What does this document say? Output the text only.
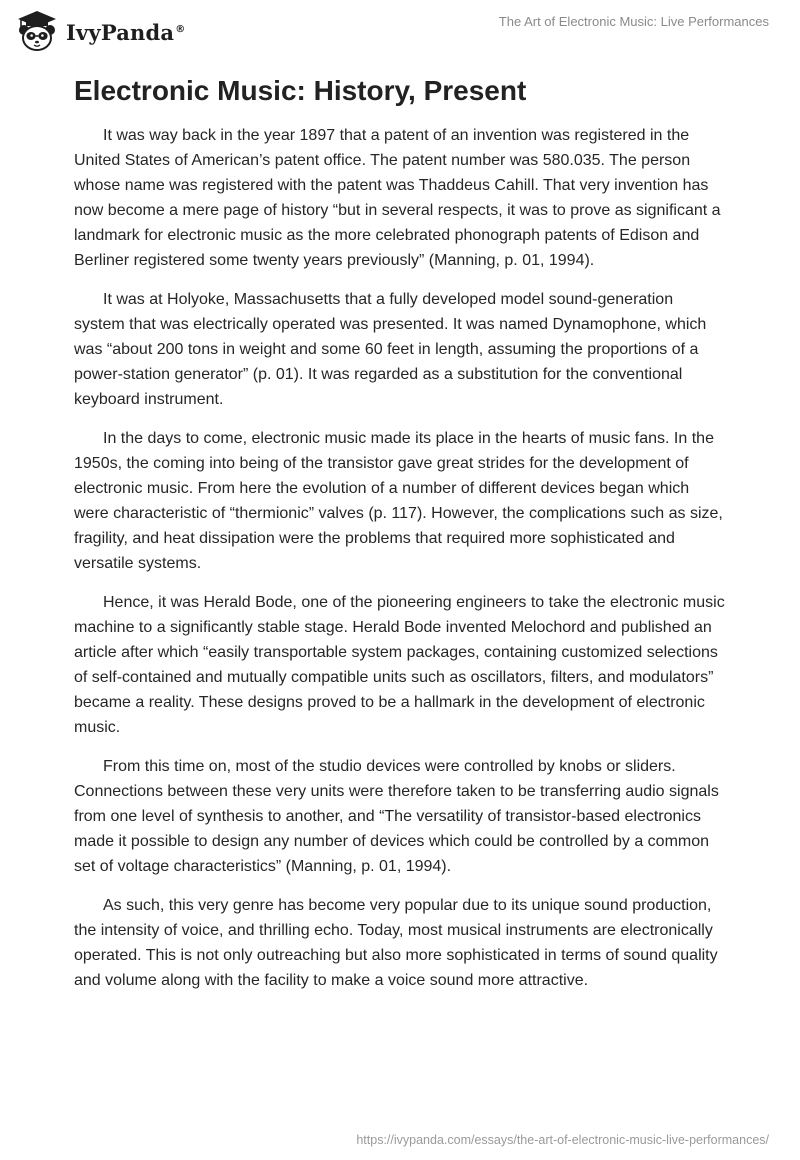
IvyPanda®	The Art of Electronic Music: Live Performances
Electronic Music: History, Present

It was way back in the year 1897 that a patent of an invention was registered in the United States of American’s patent office. The patent number was 580.035. The person whose name was registered with the patent was Thaddeus Cahill. That very invention has now become a mere page of history “but in several respects, it was to prove as significant a landmark for electronic music as the more celebrated phonograph patents of Edison and Berliner registered some twenty years previously” (Manning, p. 01, 1994).

It was at Holyoke, Massachusetts that a fully developed model sound-generation system that was electrically operated was presented. It was named Dynamophone, which was “about 200 tons in weight and some 60 feet in length, assuming the proportions of a power-station generator” (p. 01). It was regarded as a substitution for the conventional keyboard instrument.

In the days to come, electronic music made its place in the hearts of music fans. In the 1950s, the coming into being of the transistor gave great strides for the development of electronic music. From here the evolution of a number of different devices began which were characteristic of “thermionic” valves (p. 117). However, the complications such as size, fragility, and heat dissipation were the problems that required more sophisticated and versatile systems.

Hence, it was Herald Bode, one of the pioneering engineers to take the electronic music machine to a significantly stable stage. Herald Bode invented Melochord and published an article after which “easily transportable system packages, containing customized selections of self-contained and mutually compatible units such as oscillators, filters, and modulators” became a reality. These designs proved to be a hallmark in the development of electronic music.

From this time on, most of the studio devices were controlled by knobs or sliders. Connections between these very units were therefore taken to be transferring audio signals from one level of synthesis to another, and “The versatility of transistor-based electronics made it possible to design any number of devices which could be controlled by a common set of voltage characteristics” (Manning, p. 01, 1994).

As such, this very genre has become very popular due to its unique sound production, the intensity of voice, and thrilling echo. Today, most musical instruments are electronically operated. This is not only outreaching but also more sophisticated in terms of sound quality and volume along with the facility to make a voice sound more attractive.

https://ivypanda.com/essays/the-art-of-electronic-music-live-performances/
